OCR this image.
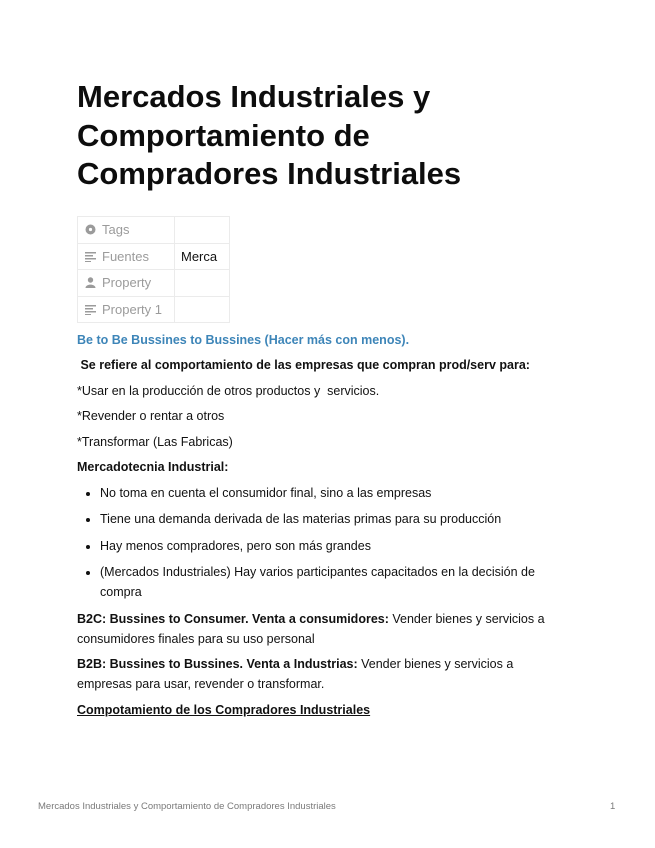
Mercados Industriales y Comportamiento de Compradores Industriales
Tags	
Fuentes	Merca
Property	
Property 1	
Be to Be Bussines to Bussines (Hacer más con menos).

Se refiere al comportamiento de las empresas que compran prod/serv para:

*Usar en la producción de otros productos y  servicios.

*Revender o rentar a otros

*Transformar (Las Fabricas)

Mercadotecnia Industrial:

• No toma en cuenta el consumidor final, sino a las empresas
• Tiene una demanda derivada de las materias primas para su producción
• Hay menos compradores, pero son más grandes
• (Mercados Industriales) Hay varios participantes capacitados en la decisión de compra

B2C: Bussines to Consumer. Venta a consumidores: Vender bienes y servicios a consumidores finales para su uso personal

B2B: Bussines to Bussines. Venta a Industrias: Vender bienes y servicios a empresas para usar, revender o transformar.

Compotamiento de los Compradores Industriales

Mercados Industriales y Comportamiento de Compradores Industriales	1
